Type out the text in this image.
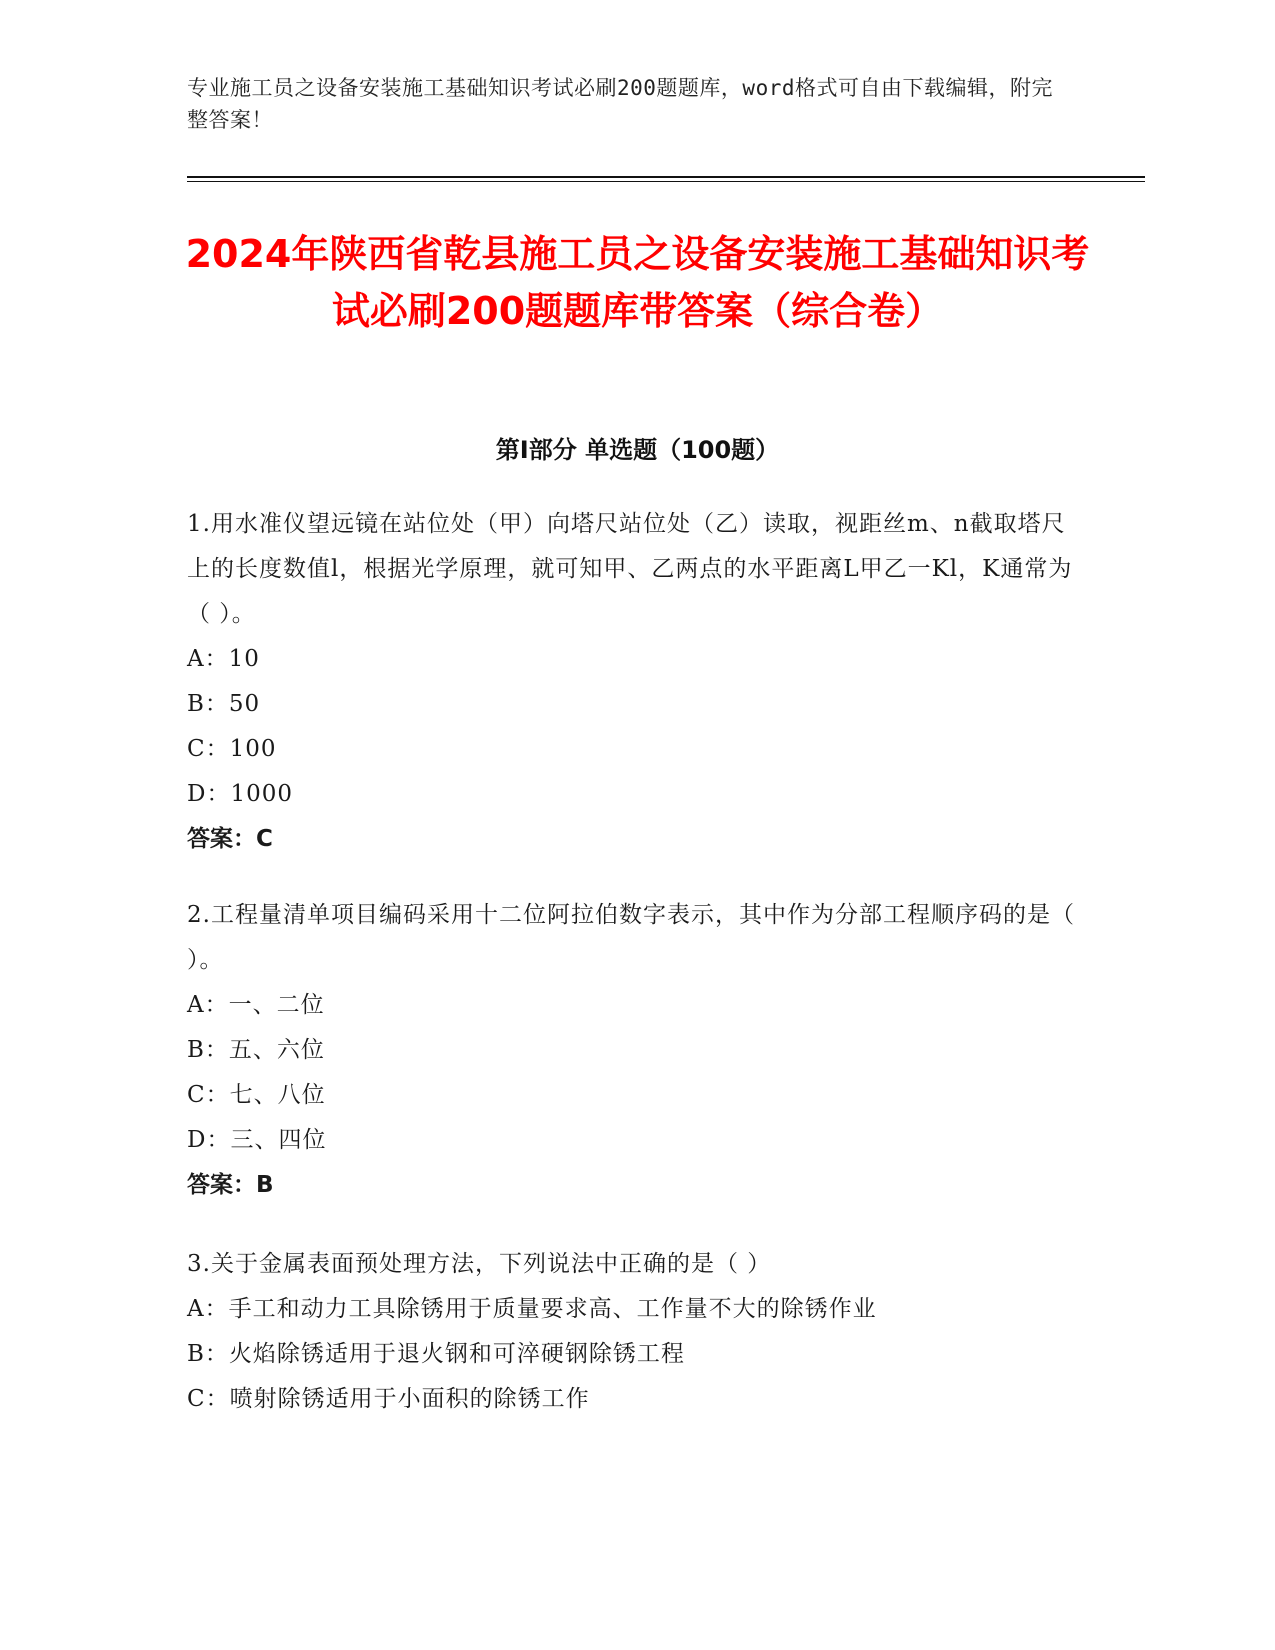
专业施工员之设备安装施工基础知识考试必刷200题题库，word格式可自由下载编辑，附完整答案！
2024年陕西省乾县施工员之设备安装施工基础知识考试必刷200题题库带答案（综合卷）
第Ⅰ部分 单选题（100题）
1.用水准仪望远镜在站位处（甲）向塔尺站位处（乙）读取，视距丝m、n截取塔尺上的长度数值l，根据光学原理，就可知甲、乙两点的水平距离L甲乙一Kl，K通常为（ ）。
A：10
B：50
C：100
D：1000
答案：C
2.工程量清单项目编码采用十二位阿拉伯数字表示，其中作为分部工程顺序码的是（ ）。
A：一、二位
B：五、六位
C：七、八位
D：三、四位
答案：B
3.关于金属表面预处理方法，下列说法中正确的是（ ）
A：手工和动力工具除锈用于质量要求高、工作量不大的除锈作业
B：火焰除锈适用于退火钢和可淬硬钢除锈工程
C：喷射除锈适用于小面积的除锈工作
